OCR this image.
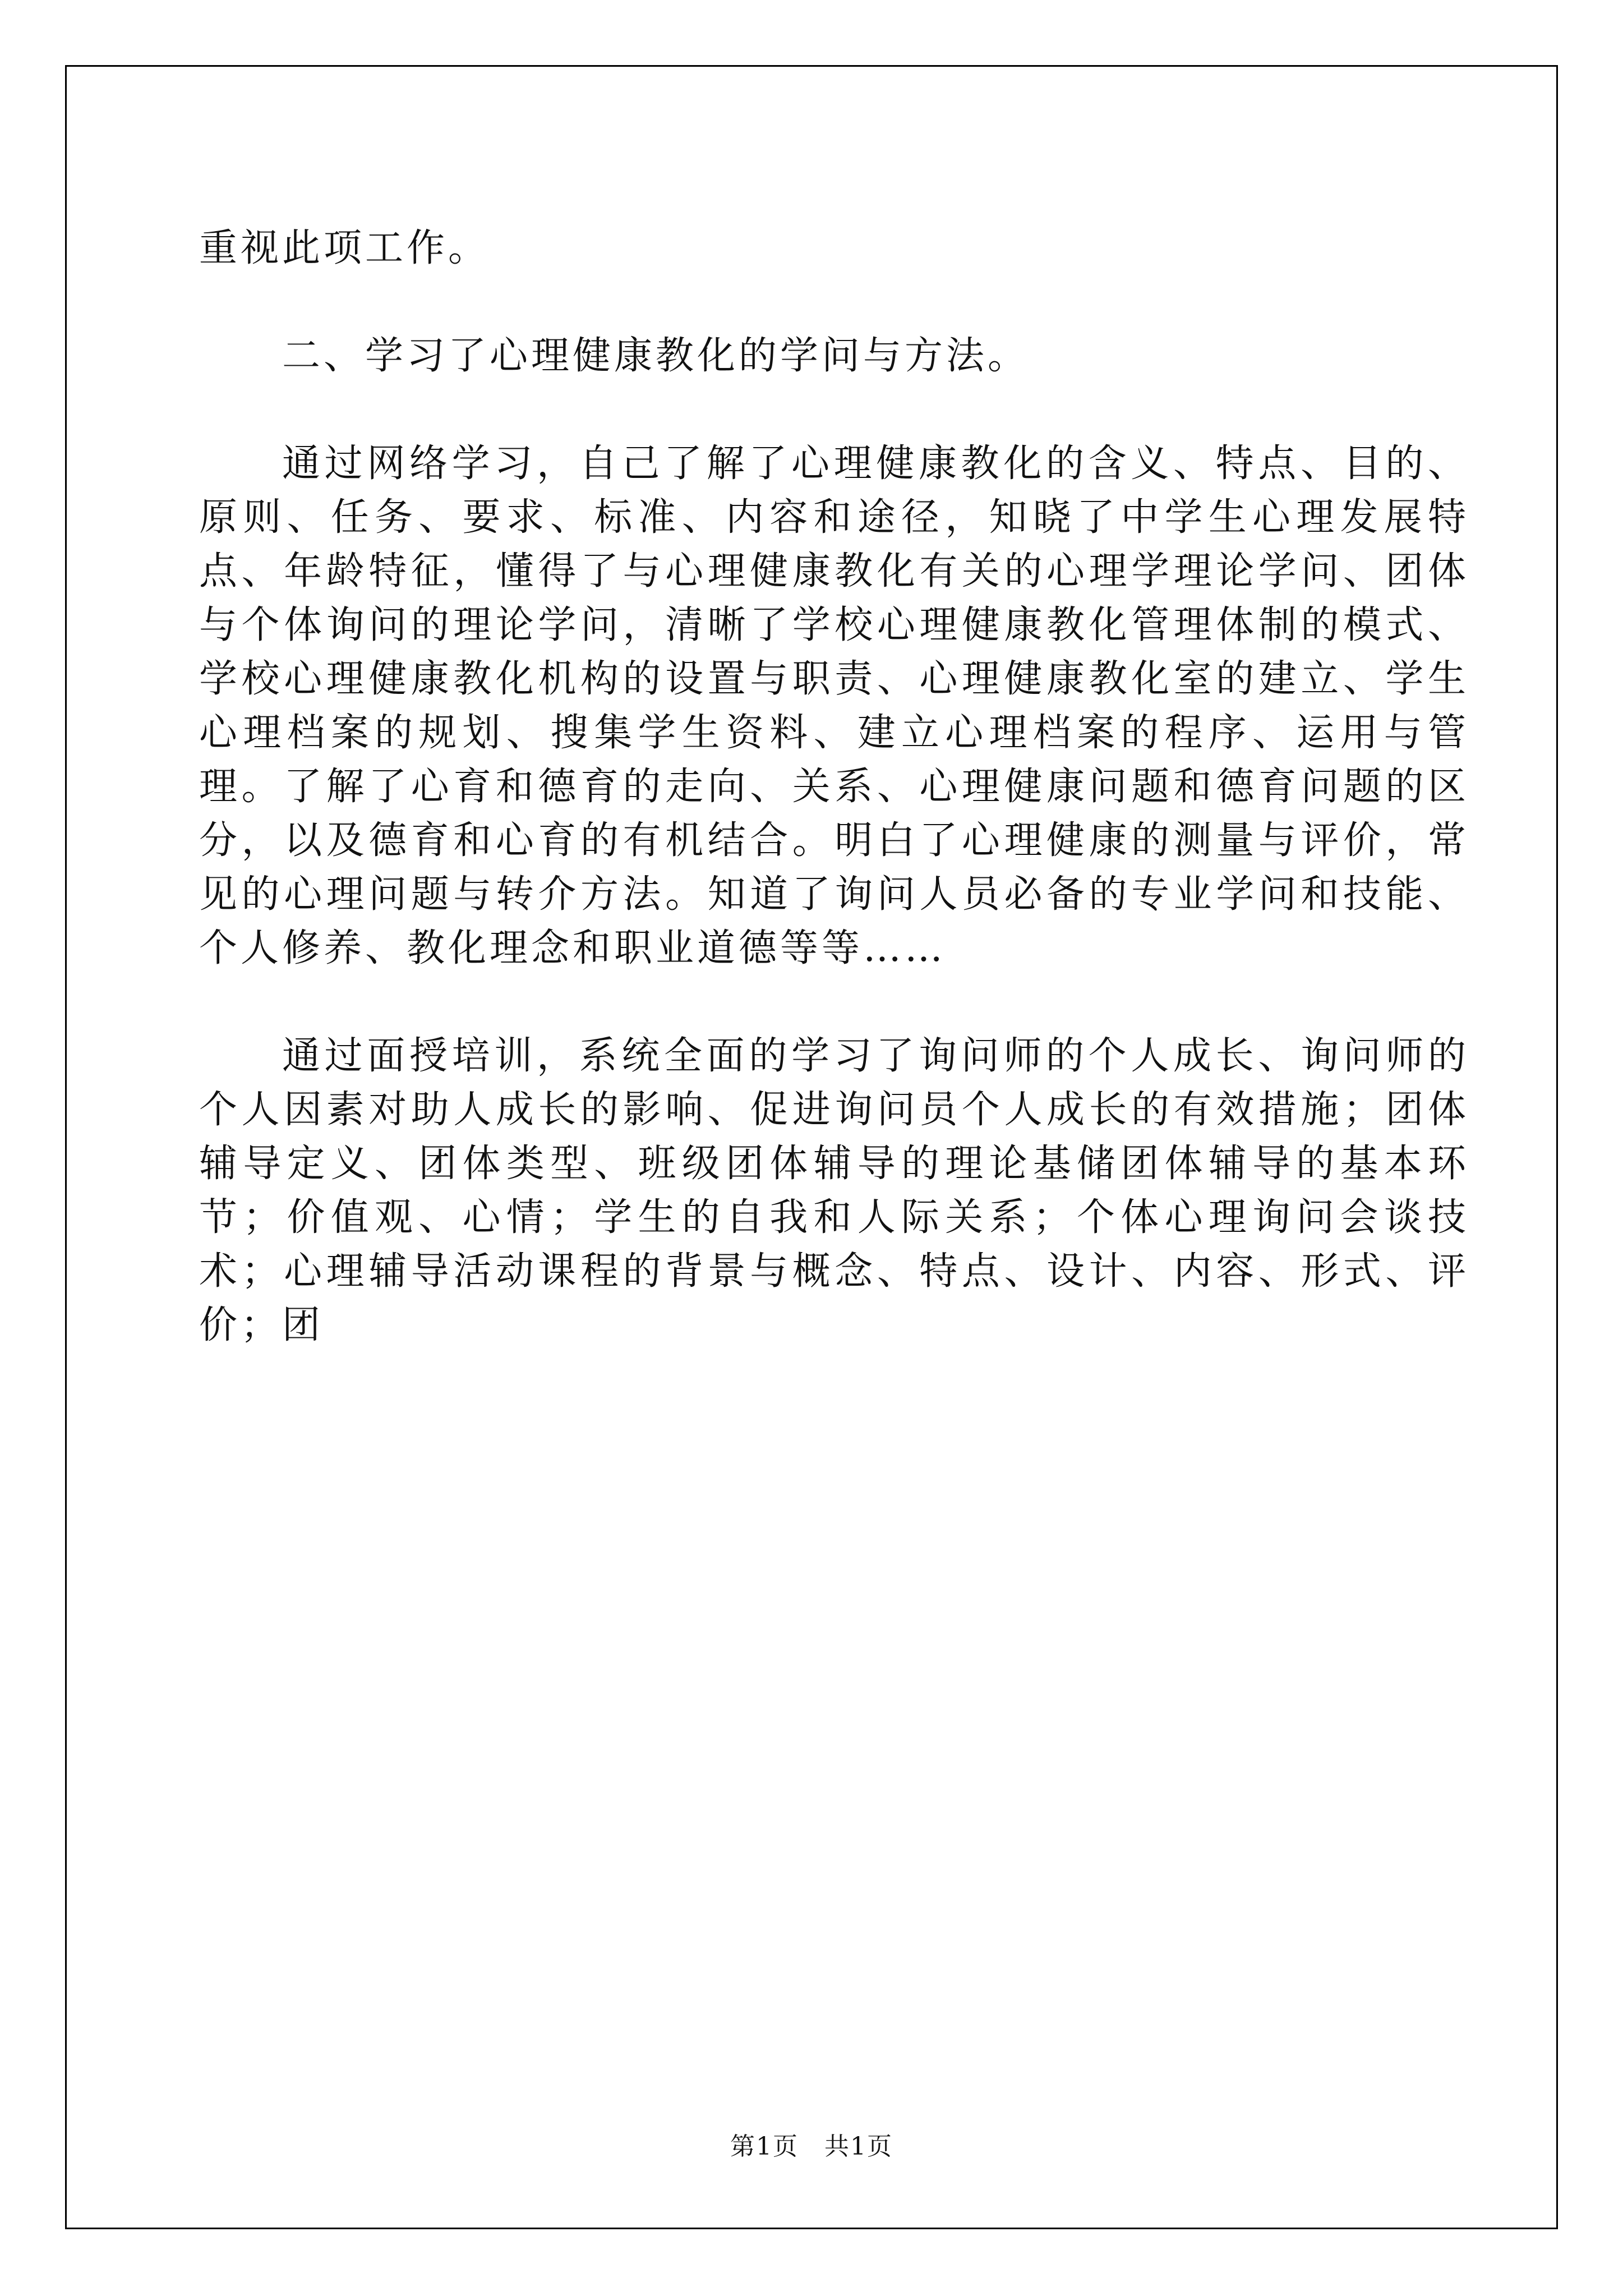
重视此项工作。

二、学习了心理健康教化的学问与方法。

通过网络学习，自己了解了心理健康教化的含义、特点、目的、原则、任务、要求、标准、内容和途径，知晓了中学生心理发展特点、年龄特征，懂得了与心理健康教化有关的心理学理论学问、团体与个体询问的理论学问，清晰了学校心理健康教化管理体制的模式、学校心理健康教化机构的设置与职责、心理健康教化室的建立、学生心理档案的规划、搜集学生资料、建立心理档案的程序、运用与管理。了解了心育和德育的走向、关系、心理健康问题和德育问题的区分，以及德育和心育的有机结合。明白了心理健康的测量与评价，常见的心理问题与转介方法。知道了询问人员必备的专业学问和技能、个人修养、教化理念和职业道德等等……

通过面授培训，系统全面的学习了询问师的个人成长、询问师的个人因素对助人成长的影响、促进询问员个人成长的有效措施；团体辅导定义、团体类型、班级团体辅导的理论基储团体辅导的基本环节；价值观、心情；学生的自我和人际关系；个体心理询问会谈技术；心理辅导活动课程的背景与概念、特点、设计、内容、形式、评价；团

第1页　共1页
